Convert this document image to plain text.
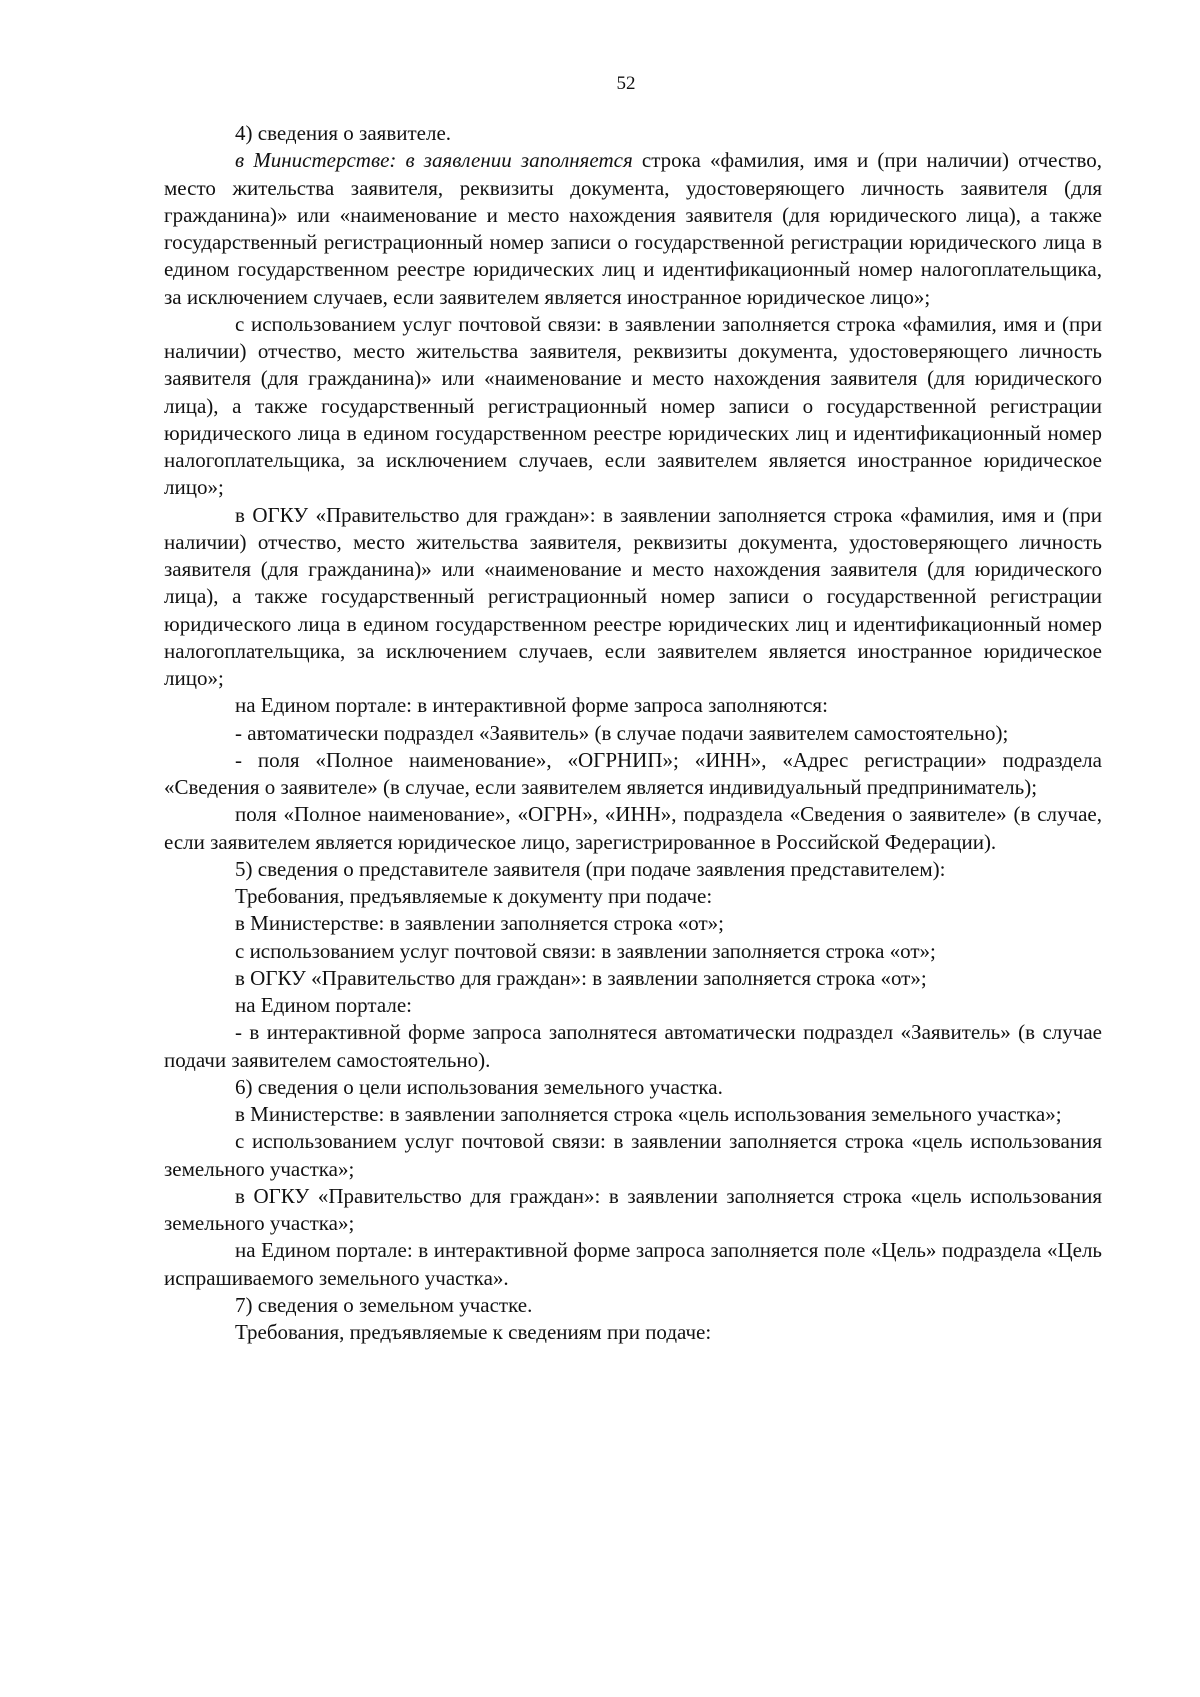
52

4) сведения о заявителе.

в Министерстве: в заявлении заполняется строка «фамилия, имя и (при наличии) отчество, место жительства заявителя, реквизиты документа, удостоверяющего личность заявителя (для гражданина)» или «наименование и место нахождения заявителя (для юридического лица), а также государственный регистрационный номер записи о государственной регистрации юридического лица в едином государственном реестре юридических лиц и идентификационный номер налогоплательщика, за исключением случаев, если заявителем является иностранное юридическое лицо»;

с использованием услуг почтовой связи: в заявлении заполняется строка «фамилия, имя и (при наличии) отчество, место жительства заявителя, реквизиты документа, удостоверяющего личность заявителя (для гражданина)» или «наименование и место нахождения заявителя (для юридического лица), а также государственный регистрационный номер записи о государственной регистрации юридического лица в едином государственном реестре юридических лиц и идентификационный номер налогоплательщика, за исключением случаев, если заявителем является иностранное юридическое лицо»;

в ОГКУ «Правительство для граждан»: в заявлении заполняется строка «фамилия, имя и (при наличии) отчество, место жительства заявителя, реквизиты документа, удостоверяющего личность заявителя (для гражданина)» или «наименование и место нахождения заявителя (для юридического лица), а также государственный регистрационный номер записи о государственной регистрации юридического лица в едином государственном реестре юридических лиц и идентификационный номер налогоплательщика, за исключением случаев, если заявителем является иностранное юридическое лицо»;

на Едином портале: в интерактивной форме запроса заполняются:

- автоматически подраздел «Заявитель» (в случае подачи заявителем самостоятельно);

- поля «Полное наименование», «ОГРНИП»; «ИНН», «Адрес регистрации» подраздела «Сведения о заявителе» (в случае, если заявителем является индивидуальный предприниматель);

поля «Полное наименование», «ОГРН», «ИНН», подраздела «Сведения о заявителе» (в случае, если заявителем является юридическое лицо, зарегистрированное в Российской Федерации).

5) сведения о представителе заявителя (при подаче заявления представителем):

Требования, предъявляемые к документу при подаче:

в Министерстве: в заявлении заполняется строка «от»;

с использованием услуг почтовой связи: в заявлении заполняется строка «от»;

в ОГКУ «Правительство для граждан»: в заявлении заполняется строка «от»;

на Едином портале:

- в интерактивной форме запроса заполнятеся автоматически подраздел «Заявитель» (в случае подачи заявителем самостоятельно).

6) сведения о цели использования земельного участка.

в Министерстве: в заявлении заполняется строка «цель использования земельного участка»;

с использованием услуг почтовой связи: в заявлении заполняется строка «цель использования земельного участка»;

в ОГКУ «Правительство для граждан»: в заявлении заполняется строка «цель использования земельного участка»;

на Едином портале: в интерактивной форме запроса заполняется поле «Цель» подраздела «Цель испрашиваемого земельного участка».

7) сведения о земельном участке.

Требования, предъявляемые к сведениям при подаче:
